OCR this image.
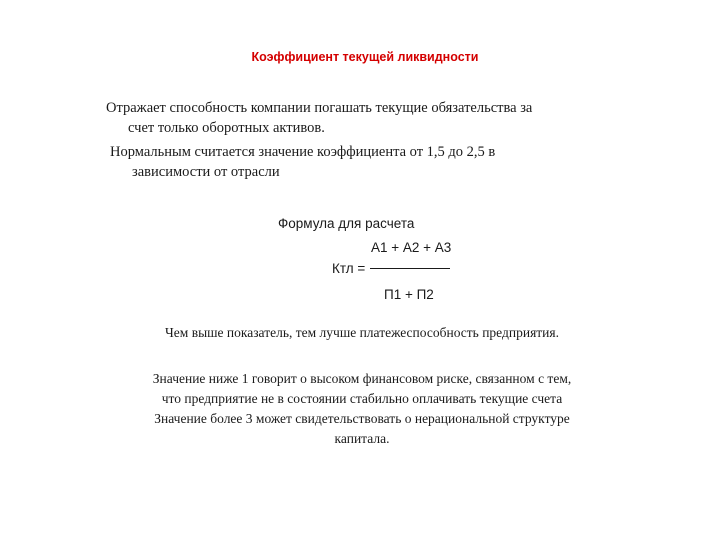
Коэффициент текущей ликвидности
Отражает способность компании погашать текущие обязательства за
счет только оборотных активов.
Нормальным считается значение коэффициента от 1,5 до 2,5 в
зависимости от отрасли
Формула для расчета
А1 + А2 + А3
Ктл =
П1 + П2
Чем выше показатель, тем лучше платежеспособность предприятия.
Значение ниже 1 говорит о высоком финансовом риске, связанном с тем,
что предприятие не в состоянии стабильно оплачивать текущие счета
Значение более 3 может свидетельствовать о нерациональной структуре
капитала.
